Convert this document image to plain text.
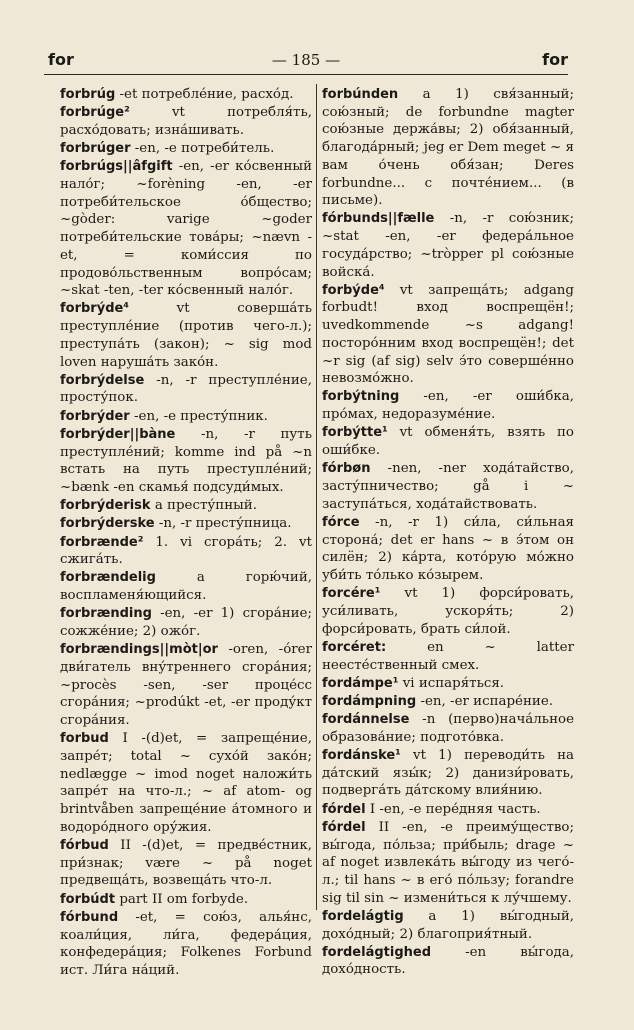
for	— 185 —	for

forbrúg -et потребле́ние, расхо́д.

forbrúge² vt потребля́ть, расхо́довать; изна́шивать.

forbrúger -en, -e потреби́тель.

forbrúgs||âfgift -en, -er ко́свенный нало́г; ~forèning -en, -er потреби́тельское о́бщество; ~gòder: varige ~goder потреби́тельские това́ры; ~nævn -et, = коми́ссия по продово́льственным вопро́сам; ~skat -ten, -ter ко́свенный нало́г.

forbrýde⁴ vt соверша́ть преступле́ние (против чего-л.); преступа́ть (закон); ~ sig mod loven наруша́ть зако́н.

forbrýdelse -n, -r преступле́ние, просту́пок.

forbrýder -en, -e престу́пник.

forbrýder||bàne -n, -r путь преступле́ний; komme ind på ~n встать на путь преступле́ний; ~bænk -en скамья́ подсуди́мых.

forbrýderisk a престу́пный.

forbrýderske -n, -r престу́пница.

forbrænde² 1. vi сгора́ть; 2. vt сжига́ть.

forbrændelig a горю́чий, воспламеня́ющийся.

forbrænding -en, -er 1) сгора́ние; сожже́ние; 2) ожо́г.

forbrændings||mòt|or -oren, -órer дви́гатель вну́треннего сгора́ния; ~procès -sen, -ser проце́сс сгора́ния; ~prodúkt -et, -er проду́кт сгора́ния.

forbud I -(d)et, = запреще́ние, запре́т; total ~ сухо́й зако́н; nedlægge ~ imod noget наложи́ть запре́т на что-л.; ~ af atom- og brintvåben запреще́ние а́томного и водоро́дного ору́жия.

fórbud II -(d)et, = предве́стник, при́знак; være ~ på noget предвеща́ть, возвеща́ть что-л.

forbúdt part II om forbyde.

fórbund -et, = сою́з, алья́нс, коали́ция, ли́га, федера́ция, конфедера́ция; Folkenes Forbund ист. Ли́га на́ций.

forbúnden a 1) свя́занный; сою́зный; de forbundne magter сою́зные держа́вы; 2) обя́занный, благода́рный; jeg er Dem meget ~ я вам о́чень обя́зан; Deres forbundne... с почте́нием... (в письме).

fórbunds||fælle -n, -r сою́зник; ~stat -en, -er федера́льное госуда́рство; ~tròpper pl сою́зные войска́.

forbýde⁴ vt запреща́ть; adgang forbudt! вход воспрещён!; uvedkommende ~s adgang! посторо́нним вход воспрещён!; det ~r sig (af sig) selv э́то соверше́нно невозмо́жно.

forbýtning -en, -er оши́бка, про́мах, недоразуме́ние.

forbýtte¹ vt обменя́ть, взять по оши́бке.

fórbøn -nen, -ner хода́тайство, засту́пничество; gå i ~ заступа́ться, хода́тайствовать.

fórce -n, -r 1) си́ла, си́льная сторона́; det er hans ~ в э́том он силён; 2) ка́рта, кото́рую мо́жно уби́ть то́лько ко́зырем.

forcére¹ vt 1) форси́ровать, уси́ливать, ускоря́ть; 2) форси́ровать, брать си́лой.

forcéret: en ~ latter неесте́ственный смех.

fordámpe¹ vi испаря́ться.

fordámpning -en, -er испаре́ние.

fordánnelse -n (перво)нача́льное образова́ние; подгото́вка.

fordánske¹ vt 1) переводи́ть на да́тский язы́к; 2) данизи́ровать, подверга́ть да́тскому влия́нию.

fórdel I -en, -e пере́дняя часть.

fórdel II -en, -e преиму́щество; вы́года, по́льза; при́быль; drage ~ af noget извлека́ть вы́году из чего́-л.; til hans ~ в его́ по́льзу; forandre sig til sin ~ измени́ться к лу́чшему.

fordelágtig a 1) вы́годный, дохо́дный; 2) благоприя́тный.

fordelágtighed -en вы́года, дохо́дность.
